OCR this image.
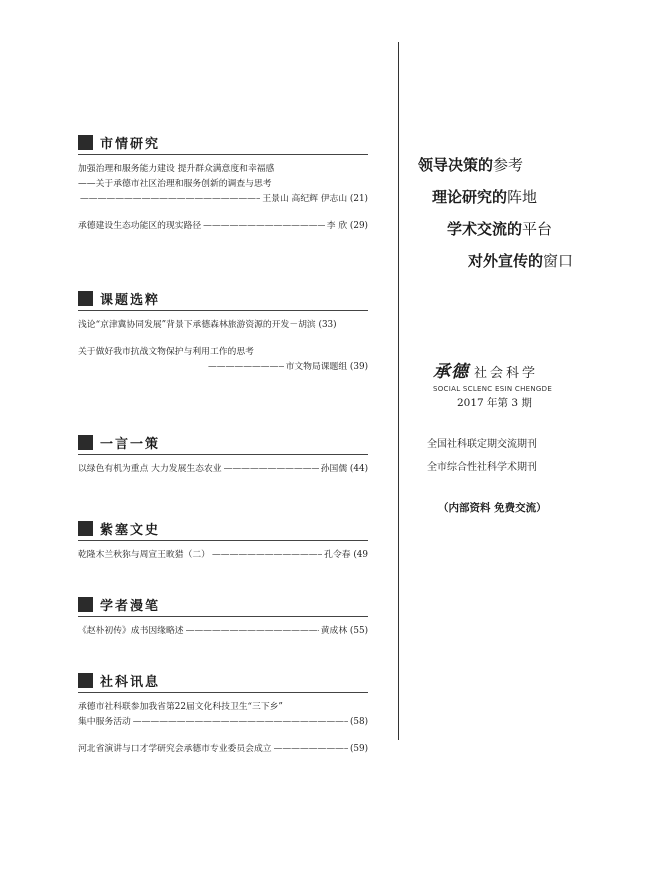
市情研究
加强治理和服务能力建设 提升群众满意度和幸福感
——关于承德市社区治理和服务创新的调查与思考
—————
王景山 高纪辉 伊志山 (21)
承德建设生态功能区的现实路径 —————	李 欣 (29)
课题选粹
浅论“京津冀协同发展”背景下承德森林旅游资源的开发－胡滨 (33)
关于做好我市抗战文物保护与利用工作的思考
—————
市文物局课题组 (39)
一言一策
以绿色有机为重点 大力发展生态农业 —————	孙国儒 (44)
紫塞文史
乾隆木兰秋狝与周宣王畋猎（二） —————	孔令春 (49
学者漫笔
《赵朴初传》成书因缘略述 —————	黄成林 (55)
社科讯息
承德市社科联参加我省第22届文化科技卫生“三下乡”
集中服务活动 —————	(58)
河北省演讲与口才学研究会承德市专业委员会成立 —————	(59)
领导决策的参考
理论研究的阵地
学术交流的平台
对外宣传的窗口
承德 社会科学
SOCIAL SCLENC ESIN CHENGDE
2017 年第 3 期
全国社科联定期交流期刊
全市综合性社科学术期刊
（内部资料 免费交流）
